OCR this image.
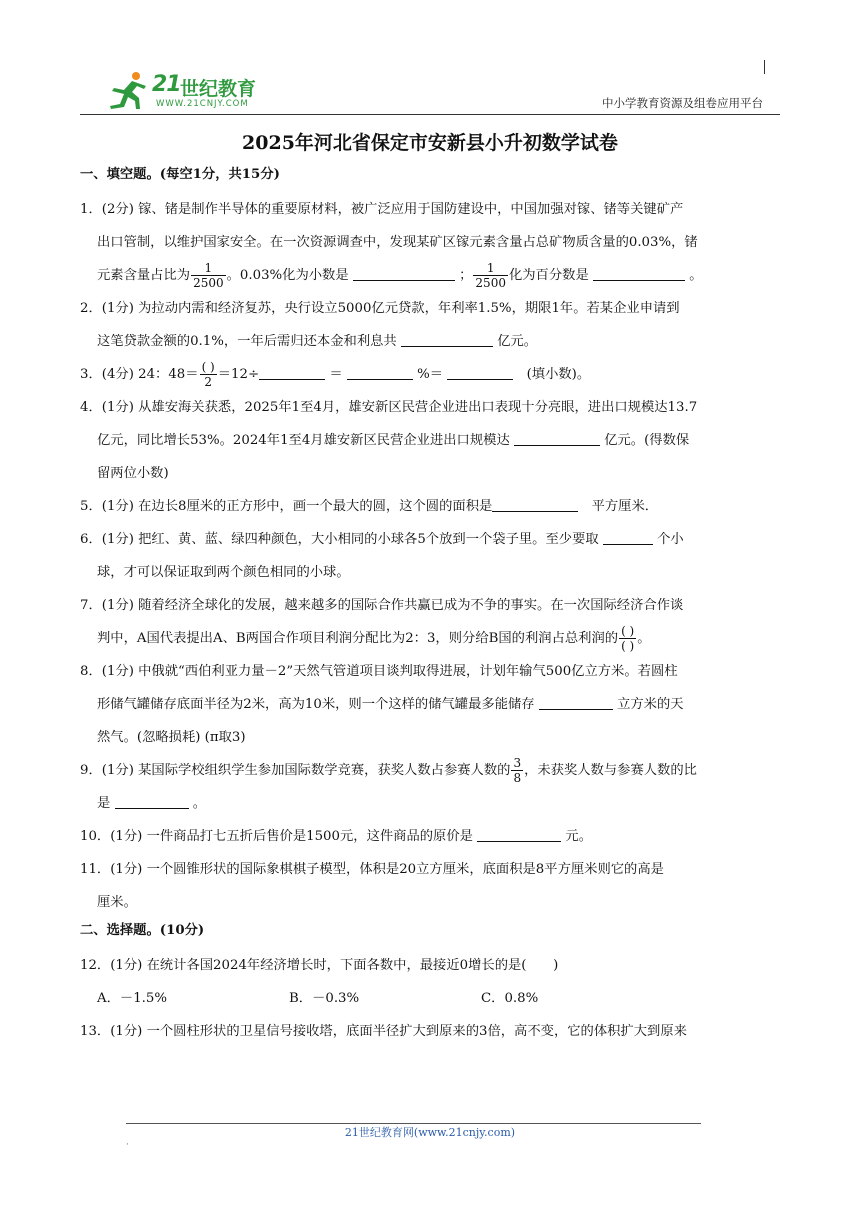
21 世纪教育
WWW.21CNJY.COM	中小学教育资源及组卷应用平台
2025年河北省保定市安新县小升初数学试卷
一、填空题。(每空1分，共15分)
1．(2分) 镓、锗是制作半导体的重要原材料，被广泛应用于国防建设中，中国加强对镓、锗等关键矿产
出口管制，以维护国家安全。在一次资源调查中，发现某矿区镓元素含量占总矿物质含量的0.03%，锗
元素含量占比为 $\frac{1}{2500}$ 。0.03%化为小数是	； $\frac{1}{2500}$ 化为百分数是	。
2．(1分) 为拉动内需和经济复苏，央行设立5000亿元贷款，年利率1.5%，期限1年。若某企业申请到
这笔贷款金额的0.1%，一年后需归还本金和利息共	亿元。
3．(4分) 24：$48= \frac{( )}{2} =12\div$	＝	%＝ 　	(填小数)。
4．(1分) 从雄安海关获悉，2025年1至4月，雄安新区民营企业进出口表现十分亮眼，进出口规模达13.7
亿元，同比增长53%。2024年1至4月雄安新区民营企业进出口规模达	亿元。(得数保
留两位小数)
5．(1分) 在边长8厘米的正方形中，画一个最大的圆，这个圆的面积是　	平方厘米．
6．(1分) 把红、黄、蓝、绿四种颜色，大小相同的小球各5个放到一个袋子里。至少要取	个小
球，才可以保证取到两个颜色相同的小球。
7．(1分) 随着经济全球化的发展，越来越多的国际合作共赢已成为不争的事实。在一次国际经济合作谈
判中，A国代表提出A、B两国合作项目利润分配比为2：3，则分给B国的利润占总利润的 $\frac{( )}{( )}$ 。
8．(1分) 中俄就“西伯利亚力量－2”天然气管道项目谈判取得进展，计划年输气500亿立方米。若圆柱
形储气罐储存底面半径为2米，高为10米，则一个这样的储气罐最多能储存	立方米的天
然气。(忽略损耗) (π取3)
9．(1分) 某国际学校组织学生参加国际数学竞赛，获奖人数占参赛人数的 $\frac{3}{8}$ ，未获奖人数与参赛人数的比
是	。
10．(1分) 一件商品打七五折后售价是1500元，这件商品的原价是	元。
11．(1分) 一个圆锥形状的国际象棋棋子模型，体积是20立方厘米，底面积是8平方厘米则它的高是
厘米。
二、选择题。(10分)
12．(1分) 在统计各国2024年经济增长时，下面各数中，最接近0增长的是(　　)
A．－1.5%	B．－0.3%	C．0.8%
13．(1分) 一个圆柱形状的卫星信号接收塔，底面半径扩大到原来的3倍，高不变，它的体积扩大到原来
21世纪教育网(www.21cnjy.com)
·
